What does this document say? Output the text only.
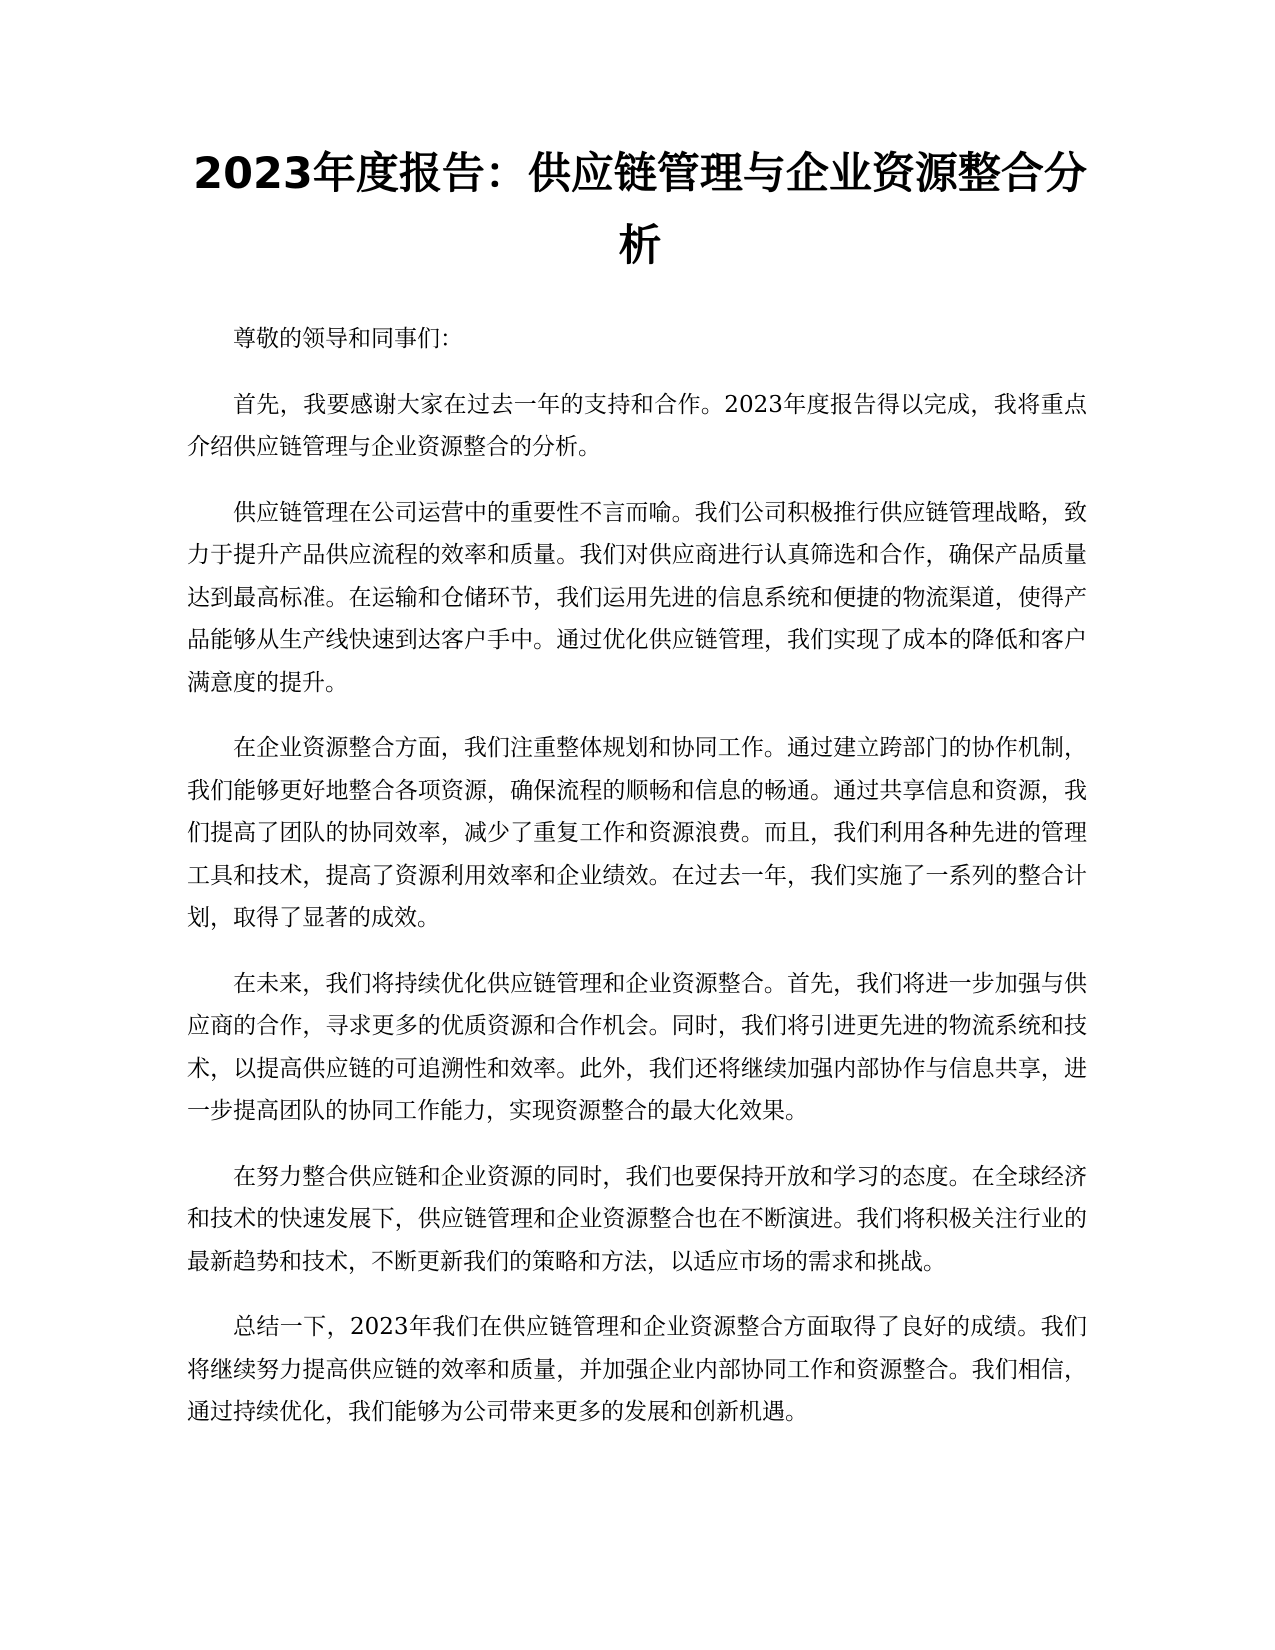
2023年度报告：供应链管理与企业资源整合分析

尊敬的领导和同事们：

首先，我要感谢大家在过去一年的支持和合作。2023年度报告得以完成，我将重点介绍供应链管理与企业资源整合的分析。

供应链管理在公司运营中的重要性不言而喻。我们公司积极推行供应链管理战略，致力于提升产品供应流程的效率和质量。我们对供应商进行认真筛选和合作，确保产品质量达到最高标准。在运输和仓储环节，我们运用先进的信息系统和便捷的物流渠道，使得产品能够从生产线快速到达客户手中。通过优化供应链管理，我们实现了成本的降低和客户满意度的提升。

在企业资源整合方面，我们注重整体规划和协同工作。通过建立跨部门的协作机制，我们能够更好地整合各项资源，确保流程的顺畅和信息的畅通。通过共享信息和资源，我们提高了团队的协同效率，减少了重复工作和资源浪费。而且，我们利用各种先进的管理工具和技术，提高了资源利用效率和企业绩效。在过去一年，我们实施了一系列的整合计划，取得了显著的成效。

在未来，我们将持续优化供应链管理和企业资源整合。首先，我们将进一步加强与供应商的合作，寻求更多的优质资源和合作机会。同时，我们将引进更先进的物流系统和技术，以提高供应链的可追溯性和效率。此外，我们还将继续加强内部协作与信息共享，进一步提高团队的协同工作能力，实现资源整合的最大化效果。

在努力整合供应链和企业资源的同时，我们也要保持开放和学习的态度。在全球经济和技术的快速发展下，供应链管理和企业资源整合也在不断演进。我们将积极关注行业的最新趋势和技术，不断更新我们的策略和方法，以适应市场的需求和挑战。

总结一下，2023年我们在供应链管理和企业资源整合方面取得了良好的成绩。我们将继续努力提高供应链的效率和质量，并加强企业内部协同工作和资源整合。我们相信，通过持续优化，我们能够为公司带来更多的发展和创新机遇。
